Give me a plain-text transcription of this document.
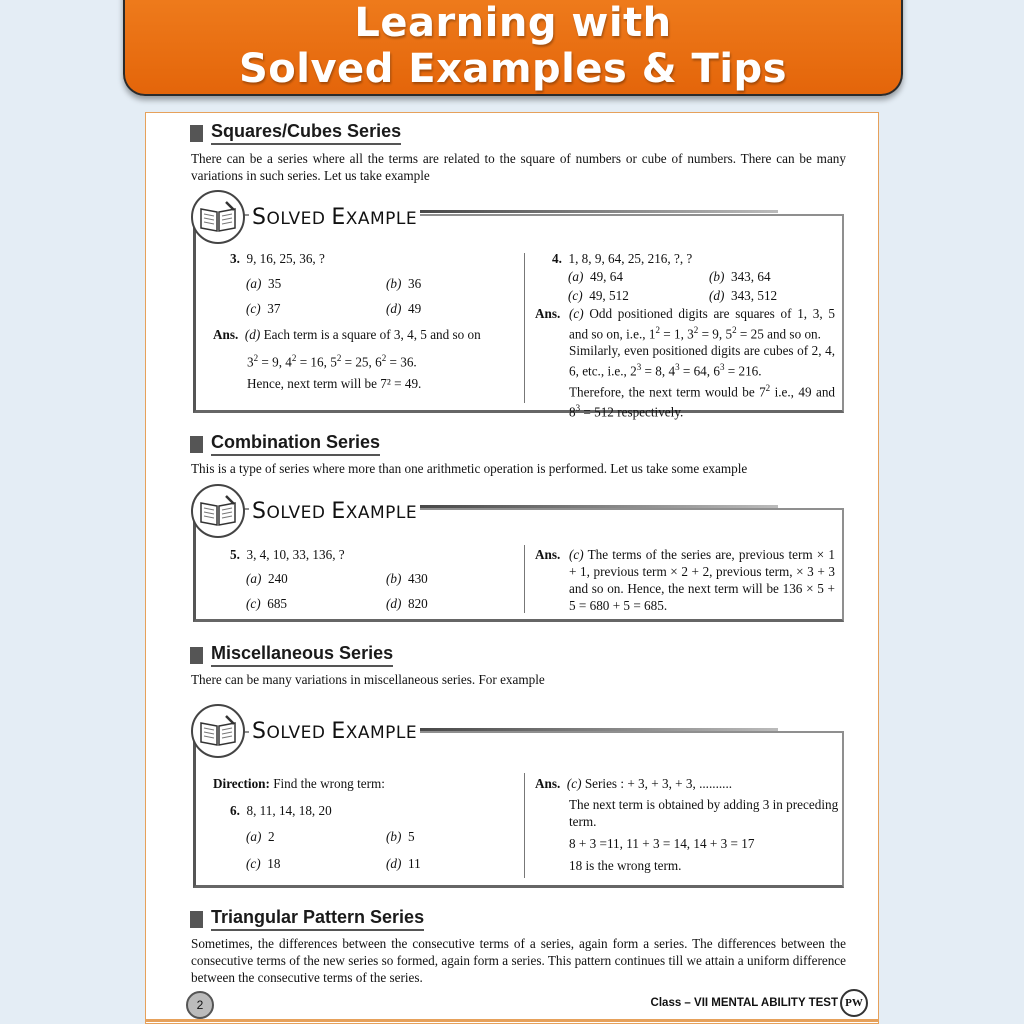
Learning with
Solved Examples & Tips
Squares/Cubes Series
There can be a series where all the terms are related to the square of numbers or cube of numbers. There can be many variations in such series. Let us take example
SOLVED EXAMPLE
3. 9, 16, 25, 36, ?
(a) 35	(b) 36
(c) 37	(d) 49
Ans. (d) Each term is a square of 3, 4, 5 and so on
$3^2 = 9$, $4^2 = 16$, $5^2 = 25$, $6^2 = 36$.
Hence, next term will be 7² = 49.
4. 1, 8, 9, 64, 25, 216, ?, ?
(a) 49, 64	(b) 343, 64
(c) 49, 512	(d) 343, 512
Ans. (c) Odd positioned digits are squares of 1, 3, 5 and so on, i.e., $1^2 = 1$, $3^2 = 9$, $5^2 = 25$ and so on.
Similarly, even positioned digits are cubes of 2, 4, 6, etc., i.e., $2^3 = 8$, $4^3 = 64$, $6^3 = 216$.
Therefore, the next term would be $7^2$ i.e., 49 and $8^3 = 512$ respectively.
Combination Series
This is a type of series where more than one arithmetic operation is performed. Let us take some example
SOLVED EXAMPLE
5. 3, 4, 10, 33, 136, ?
(a) 240	(b) 430
(c) 685	(d) 820
Ans. (c) The terms of the series are, previous term × 1 + 1, previous term × 2 + 2, previous term, × 3 + 3 and so on. Hence, the next term will be 136 × 5 + 5 = 680 + 5 = 685.
Miscellaneous Series
There can be many variations in miscellaneous series. For example
SOLVED EXAMPLE
Direction: Find the wrong term:
6. 8, 11, 14, 18, 20
(a) 2	(b) 5
(c) 18	(d) 11
Ans. (c) Series : + 3, + 3, + 3, ..........
The next term is obtained by adding 3 in preceding term.
8 + 3 =11, 11 + 3 = 14, 14 + 3 = 17
18 is the wrong term.
Triangular Pattern Series
Sometimes, the differences between the consecutive terms of a series, again form a series. The differences between the consecutive terms of the new series so formed, again form a series. This pattern continues till we attain a uniform difference between the consecutive terms of the series.
2	Class – VII MENTAL ABILITY TEST PW
